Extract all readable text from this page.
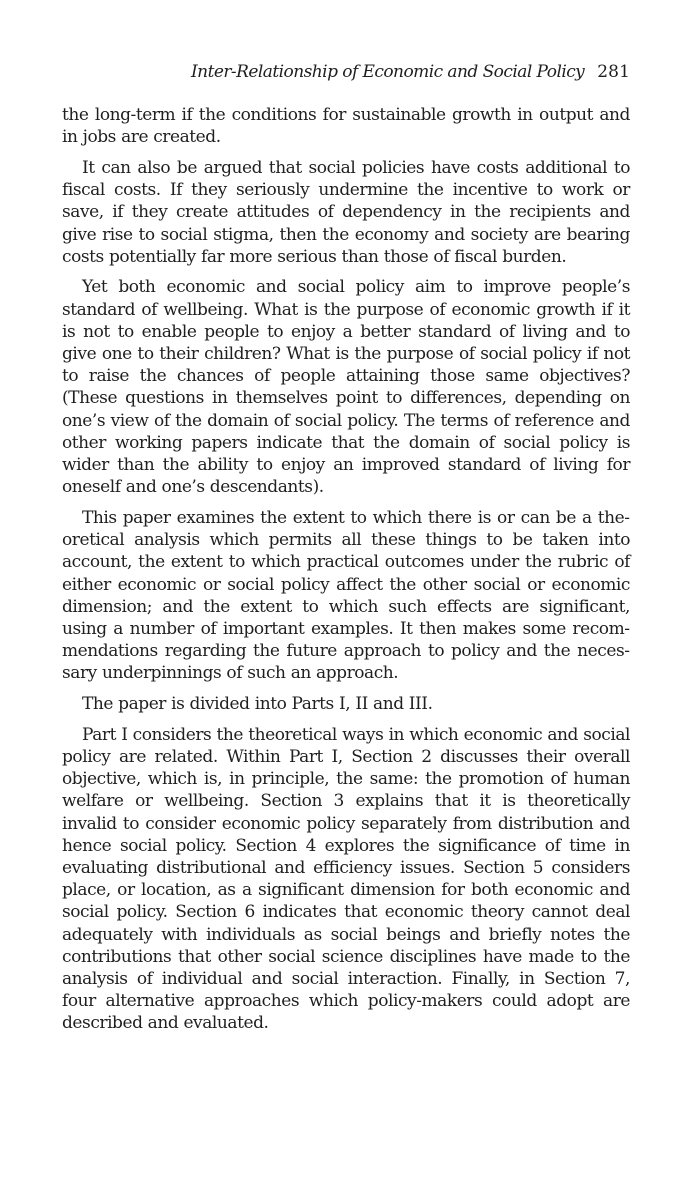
Inter-Relationship of Economic and Social Policy 281

the long-term if the conditions for sustainable growth in output and in jobs are created.

It can also be argued that social policies have costs additional to fiscal costs. If they seriously undermine the incentive to work or save, if they create attitudes of dependency in the recipients and give rise to social stigma, then the economy and society are bearing costs potentially far more serious than those of fiscal burden.

Yet both economic and social policy aim to improve people’s standard of wellbeing. What is the purpose of economic growth if it is not to enable people to enjoy a better standard of living and to give one to their children? What is the purpose of social policy if not to raise the chances of people attaining those same objectives? (These questions in themselves point to differences, depending on one’s view of the domain of social policy. The terms of reference and other working papers indicate that the domain of social policy is wider than the ability to enjoy an improved standard of living for oneself and one’s descendants).

This paper examines the extent to which there is or can be a theoretical analysis which permits all these things to be taken into account, the extent to which practical outcomes under the rubric of either economic or social policy affect the other social or economic dimension; and the extent to which such effects are significant, using a number of important examples. It then makes some recommendations regarding the future approach to policy and the necessary underpinnings of such an approach.

The paper is divided into Parts I, II and III.

Part I considers the theoretical ways in which economic and social policy are related. Within Part I, Section 2 discusses their overall objective, which is, in principle, the same: the promotion of human welfare or wellbeing. Section 3 explains that it is theoretically invalid to consider economic policy separately from distribution and hence social policy. Section 4 explores the significance of time in evaluating distributional and efficiency issues. Section 5 considers place, or location, as a significant dimension for both economic and social policy. Section 6 indicates that economic theory cannot deal adequately with individuals as social beings and briefly notes the contributions that other social science disciplines have made to the analysis of individual and social interaction. Finally, in Section 7, four alternative approaches which policy-makers could adopt are described and evaluated.
